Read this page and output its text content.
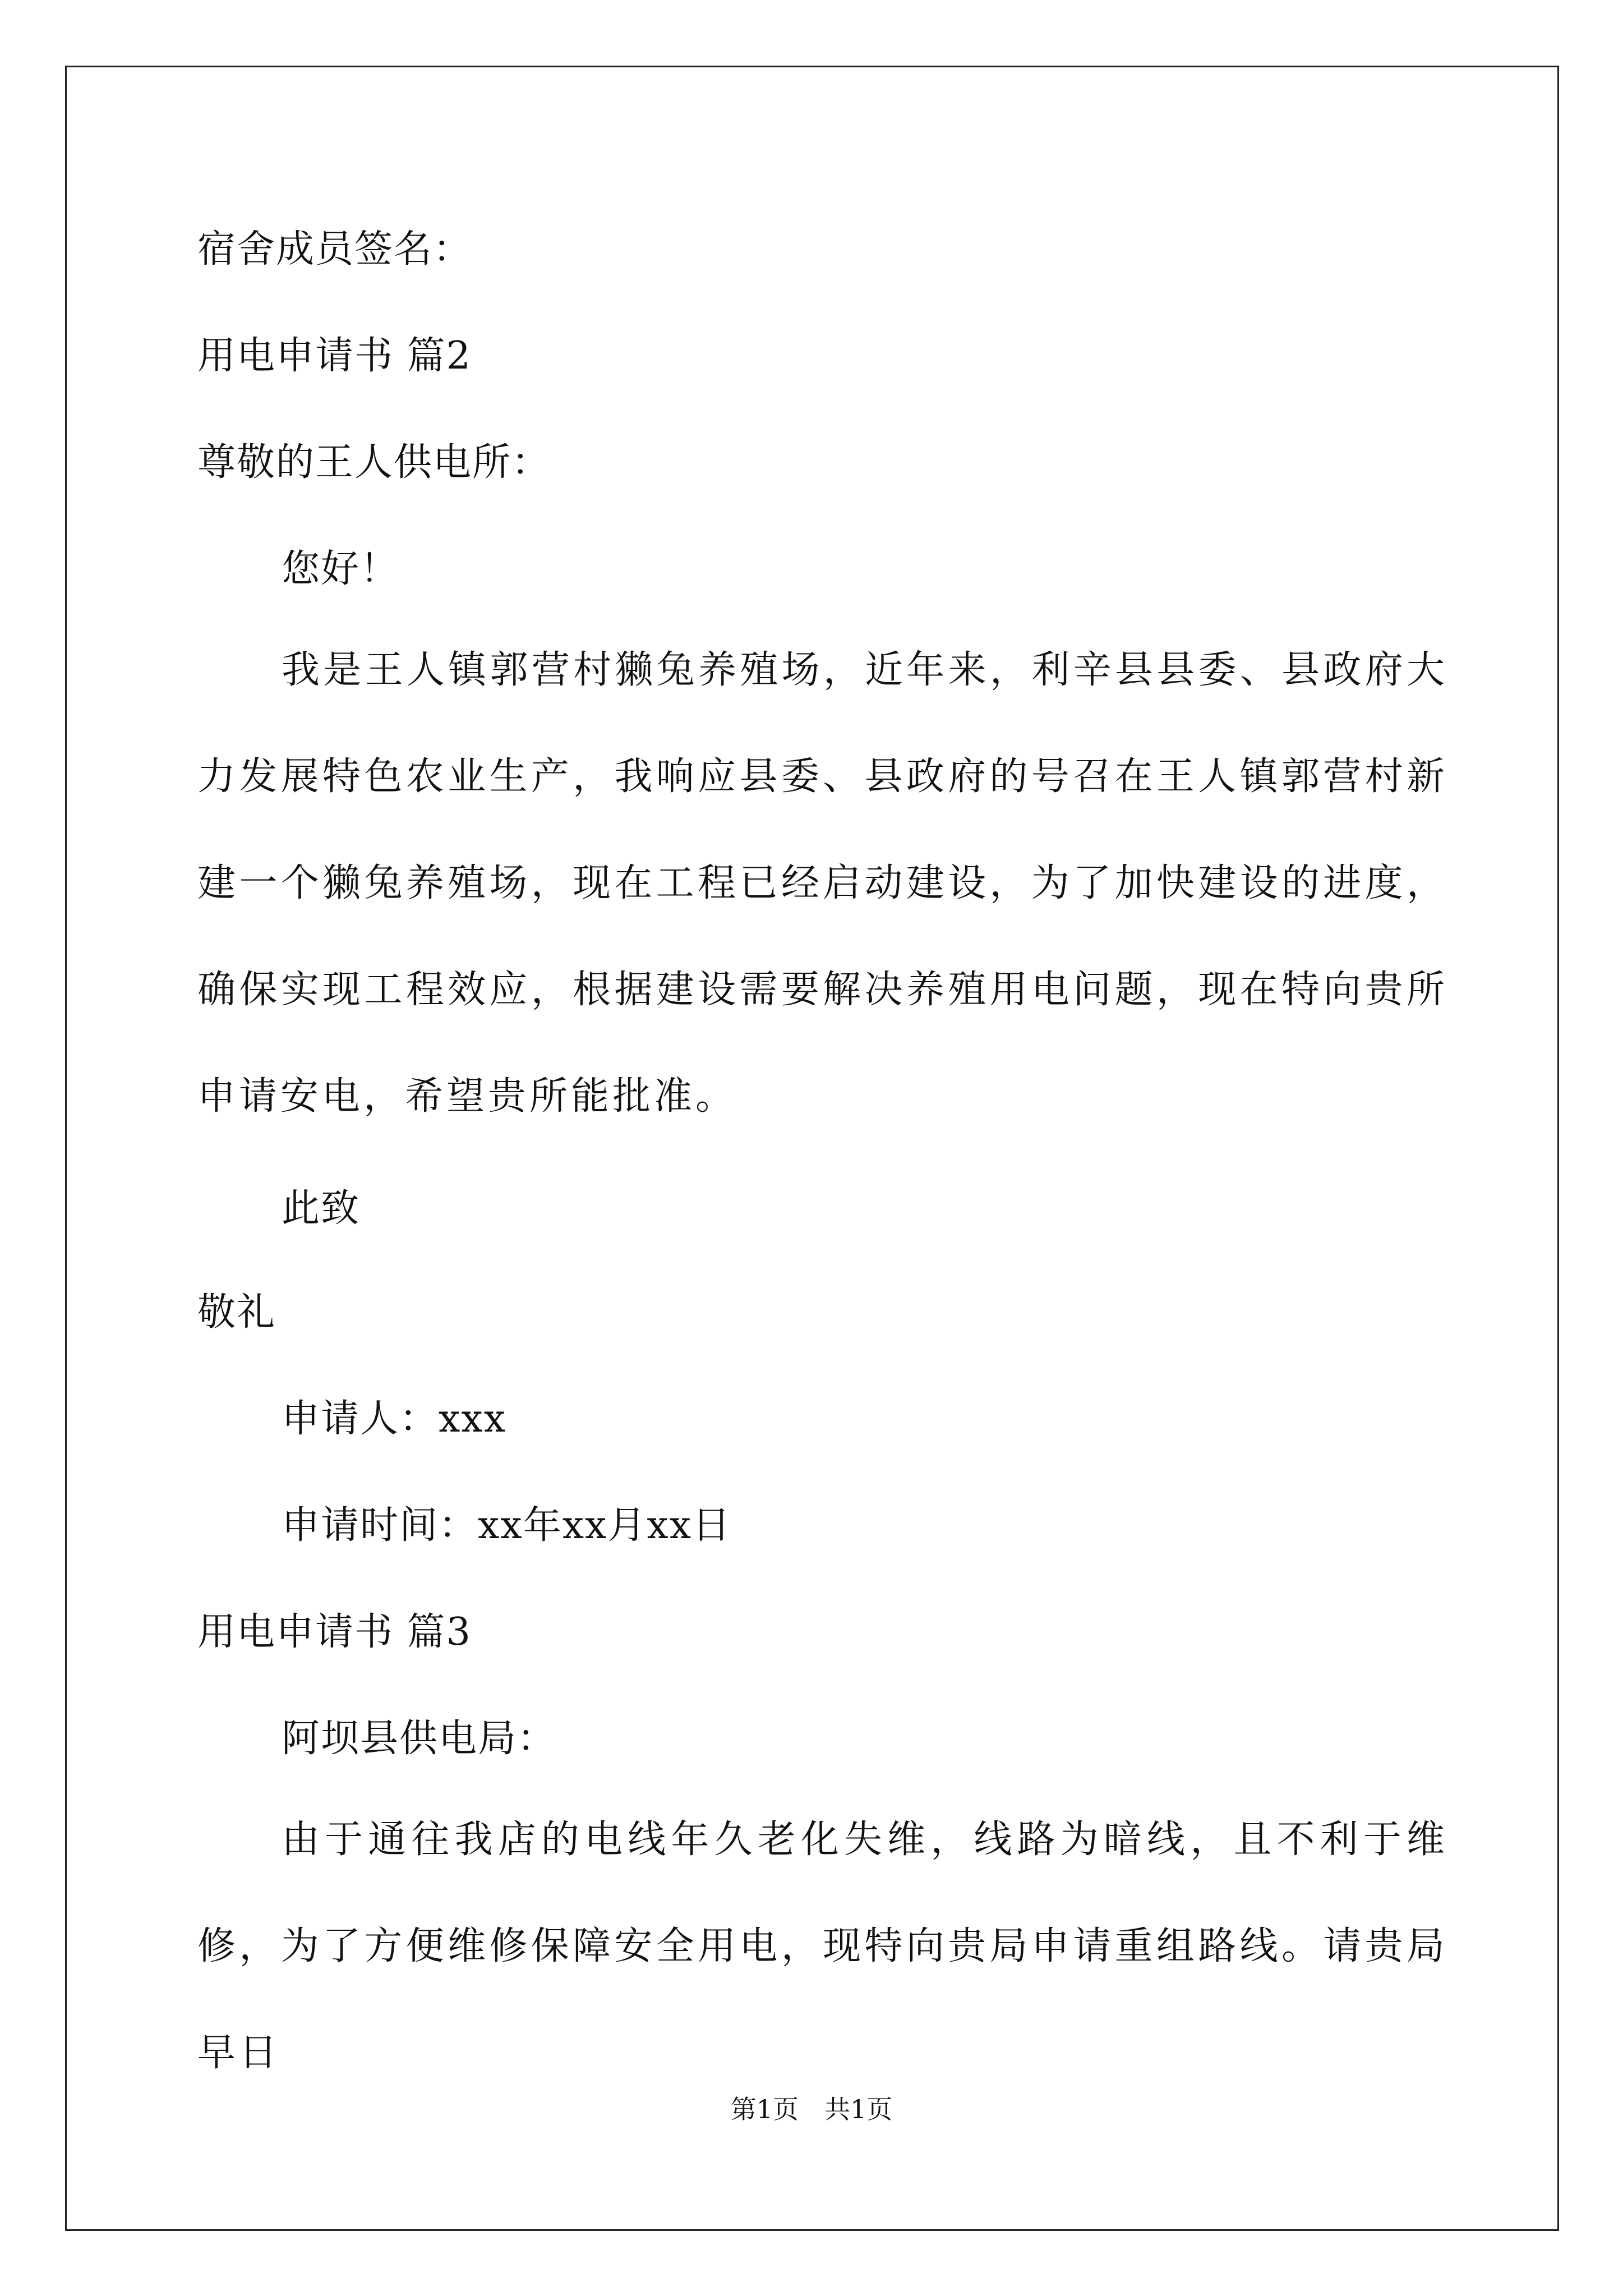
宿舍成员签名：
用电申请书 篇2
尊敬的王人供电所：
您好！
我是王人镇郭营村獭兔养殖场，近年来，利辛县县委、县政府大力发展特色农业生产，我响应县委、县政府的号召在王人镇郭营村新建一个獭兔养殖场，现在工程已经启动建设，为了加快建设的进度，确保实现工程效应，根据建设需要解决养殖用电问题，现在特向贵所申请安电，希望贵所能批准。
此致
敬礼
申请人：xxx
申请时间：xx年xx月xx日
用电申请书 篇3
阿坝县供电局：
由于通往我店的电线年久老化失维，线路为暗线，且不利于维修，为了方便维修保障安全用电，现特向贵局申请重组路线。请贵局早日
第1页　共1页
